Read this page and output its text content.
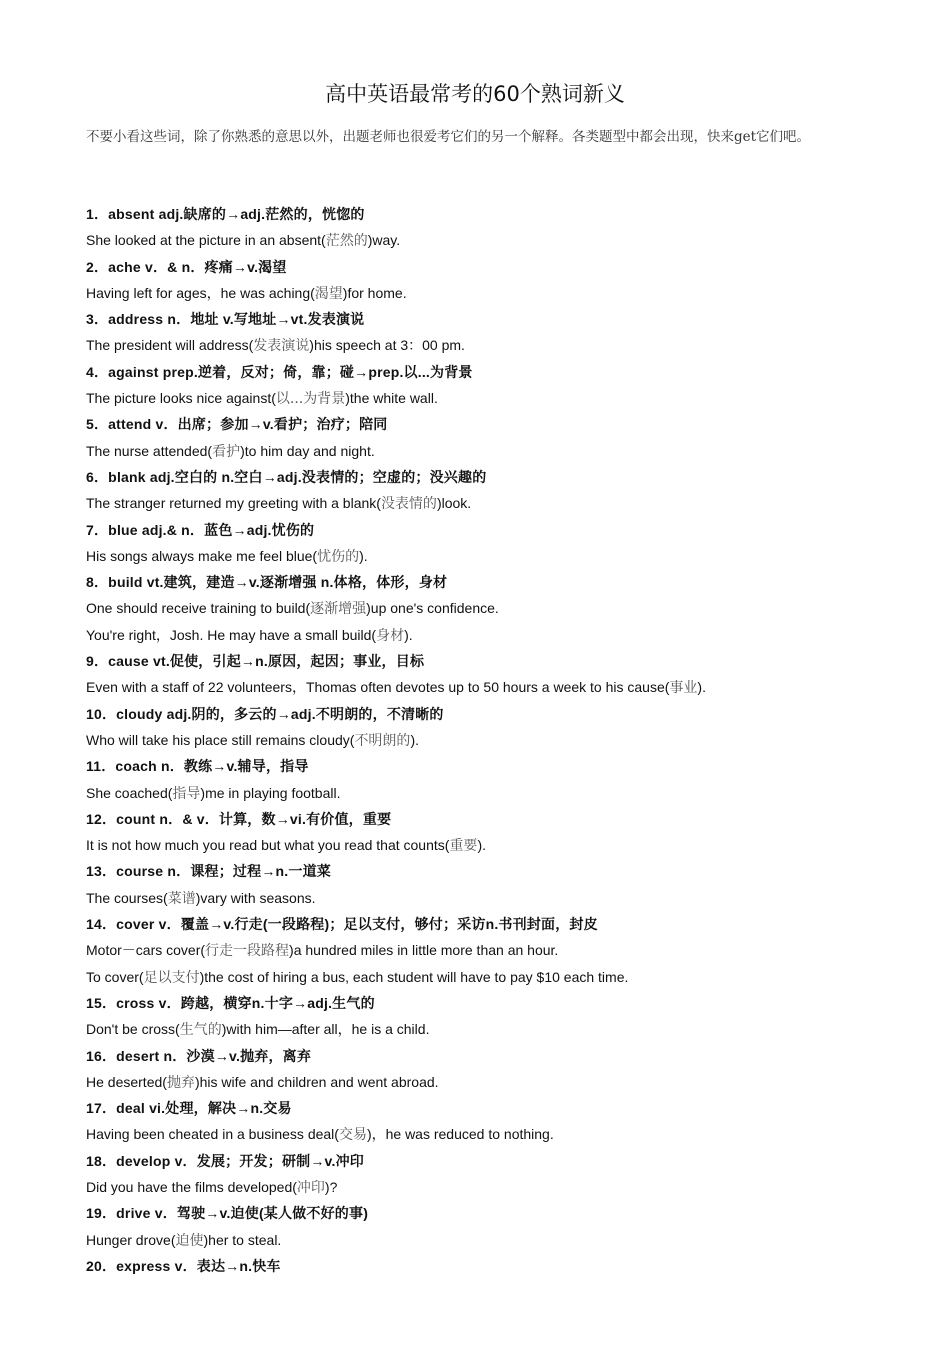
高中英语最常考的60个熟词新义
不要小看这些词，除了你熟悉的意思以外，出题老师也很爱考它们的另一个解释。各类题型中都会出现，快来get它们吧。
1．absent adj.缺席的→adj.茫然的，恍惚的
She looked at the picture in an absent(茫然的)way.
2．ache v．& n．疼痛→v.渴望
Having left for ages，he was aching(渴望)for home.
3．address n．地址 v.写地址→vt.发表演说
The president will address(发表演说)his speech at 3：00 pm.
4．against prep.逆着，反对；倚，靠；碰→prep.以...为背景
The picture looks nice against(以...为背景)the white wall.
5．attend v．出席；参加→v.看护；治疗；陪同
The nurse attended(看护)to him day and night.
6．blank adj.空白的 n.空白→adj.没表情的；空虚的；没兴趣的
The stranger returned my greeting with a blank(没表情的)look.
7．blue adj.& n．蓝色→adj.忧伤的
His songs always make me feel blue(忧伤的).
8．build vt.建筑，建造→v.逐渐增强 n.体格，体形，身材
One should receive training to build(逐渐增强)up one's confidence.
You're right，Josh. He may have a small build(身材).
9．cause vt.促使，引起→n.原因，起因；事业，目标
Even with a staff of 22 volunteers，Thomas often devotes up to 50 hours a week to his cause(事业).
10．cloudy adj.阴的，多云的→adj.不明朗的，不清晰的
Who will take his place still remains cloudy(不明朗的).
11．coach n．教练→v.辅导，指导
She coached(指导)me in playing football.
12．count n．& v．计算，数→vi.有价值，重要
It is not how much you read but what you read that counts(重要).
13．course n．课程；过程→n.一道菜
The courses(菜谱)vary with seasons.
14．cover v．覆盖→v.行走(一段路程)；足以支付，够付；采访n.书刊封面，封皮
Motor－cars cover(行走一段路程)a hundred miles in little more than an hour.
To cover(足以支付)the cost of hiring a bus, each student will have to pay $10 each time.
15．cross v．跨越，横穿n.十字→adj.生气的
Don't be cross(生气的)with him—after all，he is a child.
16．desert n．沙漠→v.抛弃，离弃
He deserted(抛弃)his wife and children and went abroad.
17．deal vi.处理，解决→n.交易
Having been cheated in a business deal(交易)，he was reduced to nothing.
18．develop v．发展；开发；研制→v.冲印
Did you have the films developed(冲印)?
19．drive v．驾驶→v.迫使(某人做不好的事)
Hunger drove(迫使)her to steal.
20．express v．表达→n.快车
